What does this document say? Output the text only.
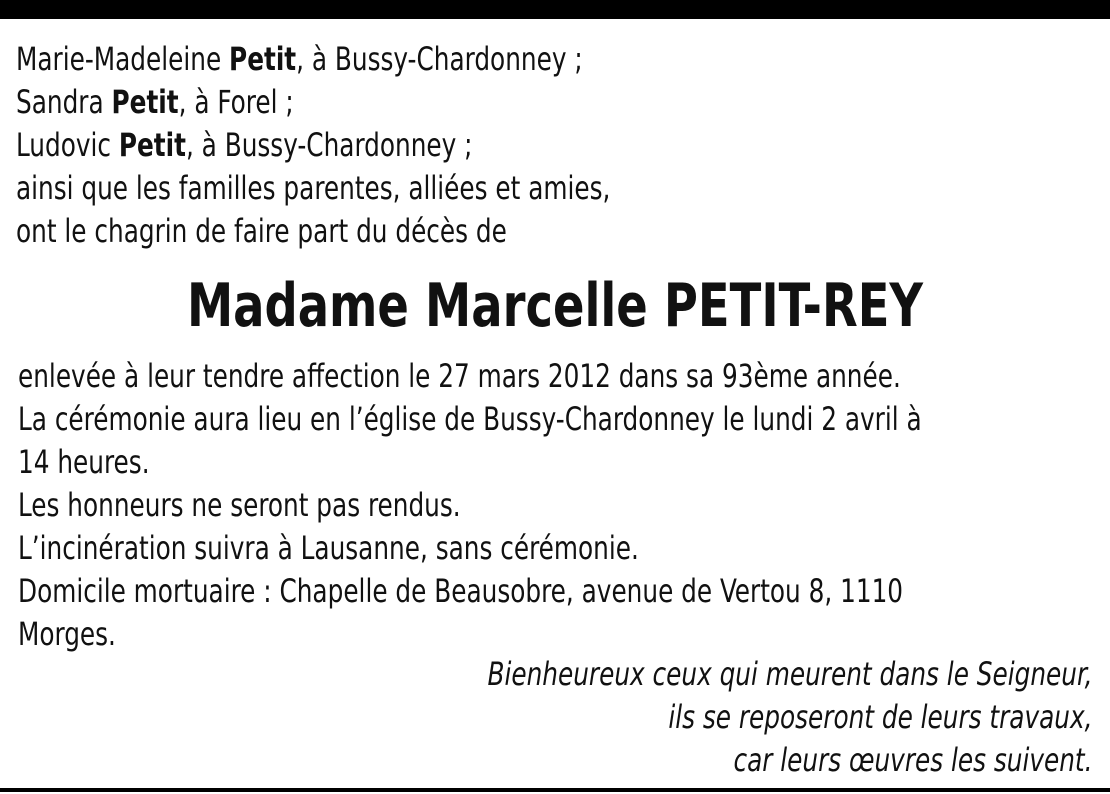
Marie-Madeleine Petit, à Bussy-Chardonney ;
Sandra Petit, à Forel ;
Ludovic Petit, à Bussy-Chardonney ;
ainsi que les familles parentes, alliées et amies,
ont le chagrin de faire part du décès de
Madame Marcelle PETIT-REY
enlevée à leur tendre affection le 27 mars 2012 dans sa 93ème année.
La cérémonie aura lieu en l’église de Bussy-Chardonney le lundi 2 avril à
14 heures.
Les honneurs ne seront pas rendus.
L’incinération suivra à Lausanne, sans cérémonie.
Domicile mortuaire : Chapelle de Beausobre, avenue de Vertou 8, 1110
Morges.
Bienheureux ceux qui meurent dans le Seigneur,
ils se reposeront de leurs travaux,
car leurs œuvres les suivent.
